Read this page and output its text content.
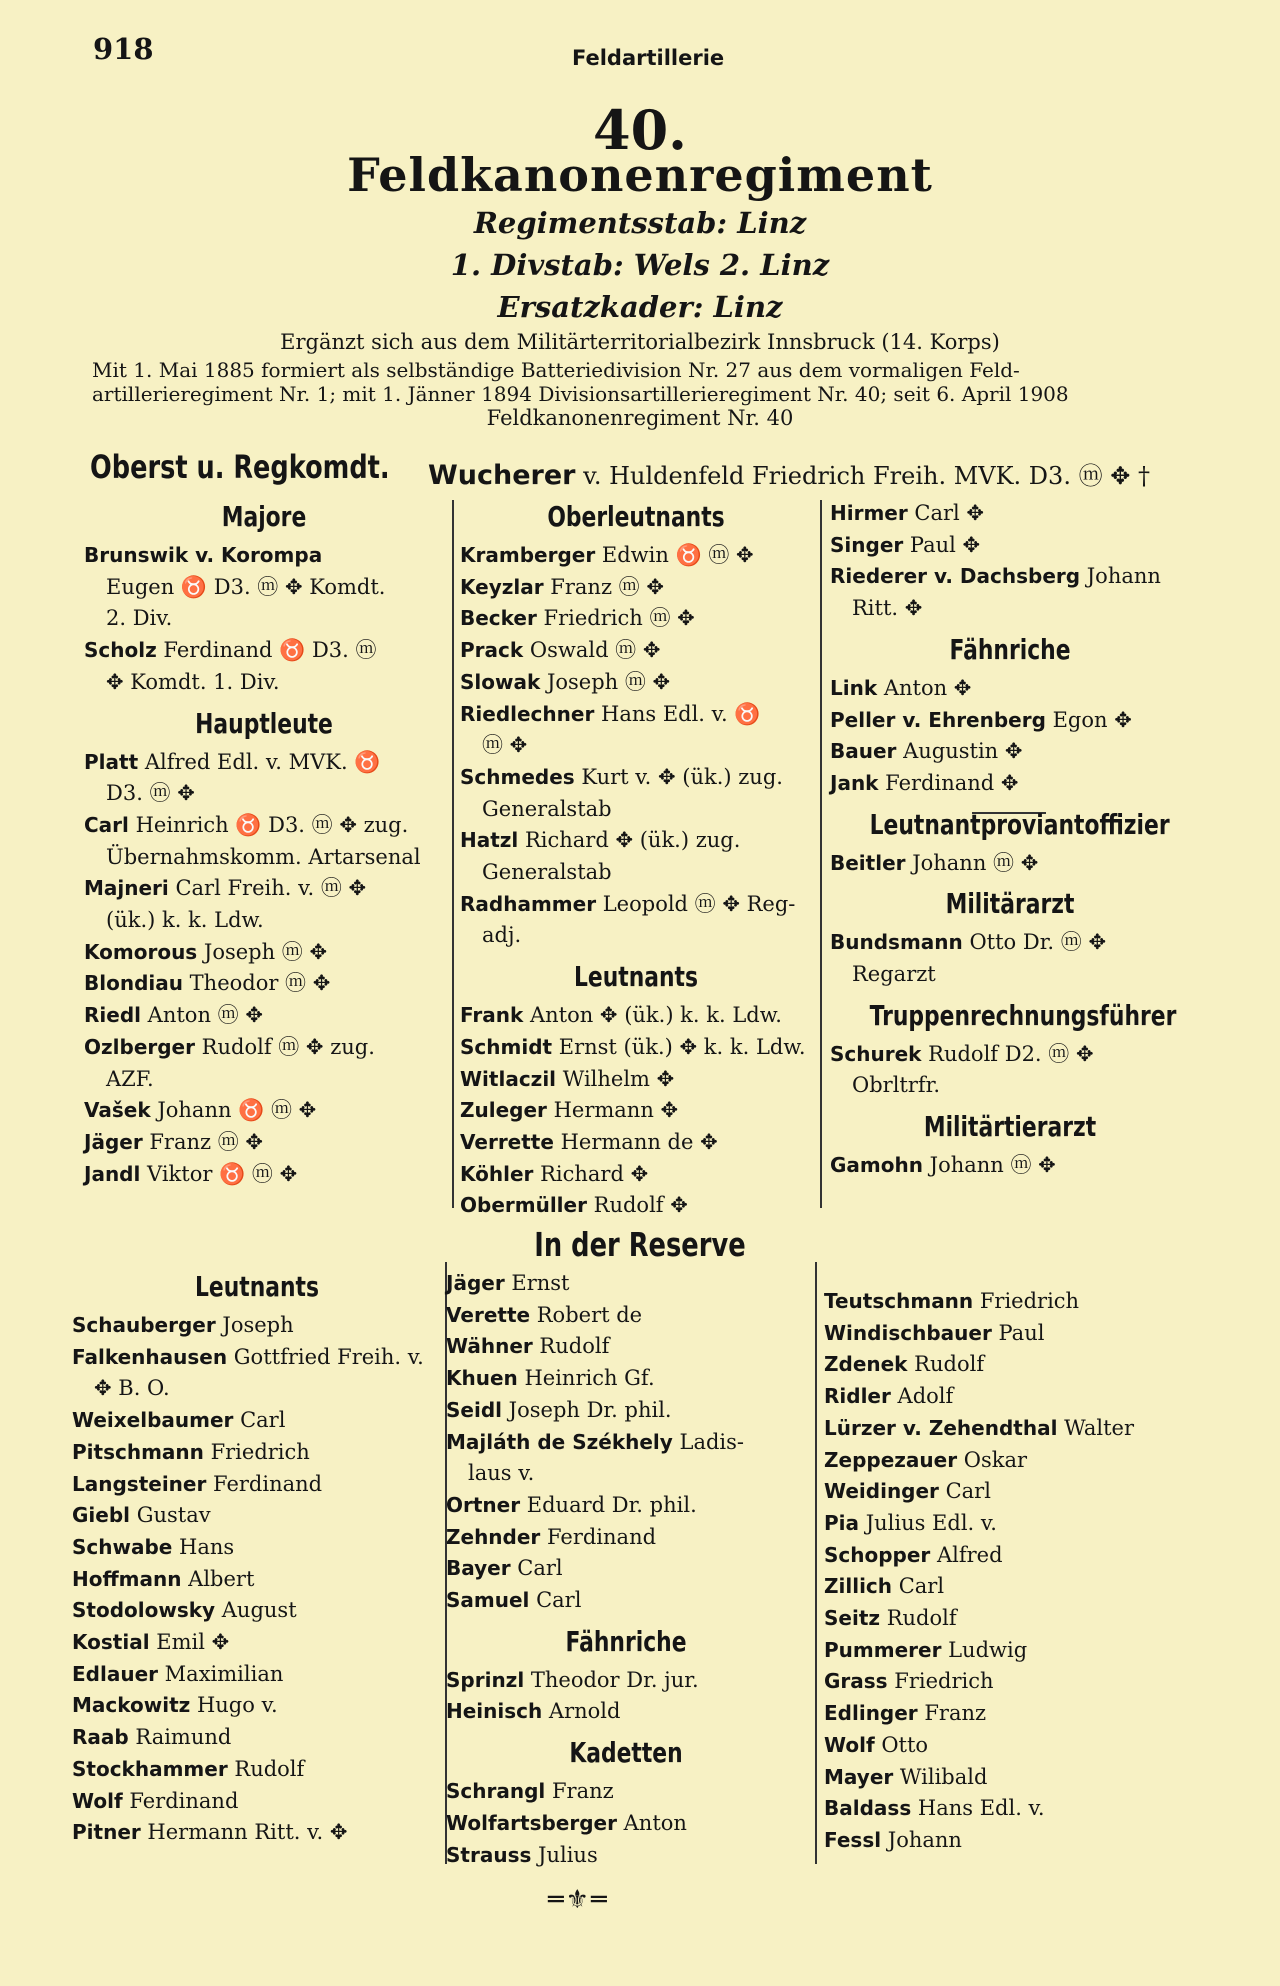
918	Feldartillerie
40.
Feldkanonenregiment
Regimentsstab: Linz
1. Divstab: Wels 2. Linz
Ersatzkader: Linz
Ergänzt sich aus dem Militärterritorialbezirk Innsbruck (14. Korps)
Mit 1. Mai 1885 formiert als selbständige Batteriedivision Nr. 27 aus dem vormaligen Feld-
artillerieregiment Nr. 1; mit 1. Jänner 1894 Divisionsartillerieregiment Nr. 40; seit 6. April 1908
Feldkanonenregiment Nr. 40
Oberst u. Regkomdt. Wucherer v. Huldenfeld Friedrich Freih. MVK. D3. ⓜ ✥ †
Majore
Brunswik v. Korompa
Eugen ♉ D3. ⓜ ✥ Komdt.
2. Div.
Scholz Ferdinand ♉ D3. ⓜ
✥ Komdt. 1. Div.
Hauptleute
Platt Alfred Edl. v. MVK. ♉
D3. ⓜ ✥
Carl Heinrich ♉ D3. ⓜ ✥ zug.
Übernahmskomm. Artarsenal
Majneri Carl Freih. v. ⓜ ✥
(ük.) k. k. Ldw.
Komorous Joseph ⓜ ✥
Blondiau Theodor ⓜ ✥
Riedl Anton ⓜ ✥
Ozlberger Rudolf ⓜ ✥ zug.
AZF.
Vašek Johann ♉ ⓜ ✥
Jäger Franz ⓜ ✥
Jandl Viktor ♉ ⓜ ✥
Oberleutnants
Kramberger Edwin ♉ ⓜ ✥
Keyzlar Franz ⓜ ✥
Becker Friedrich ⓜ ✥
Prack Oswald ⓜ ✥
Slowak Joseph ⓜ ✥
Riedlechner Hans Edl. v. ♉
ⓜ ✥
Schmedes Kurt v. ✥ (ük.) zug.
Generalstab
Hatzl Richard ✥ (ük.) zug.
Generalstab
Radhammer Leopold ⓜ ✥ Reg-
adj.
Leutnants
Frank Anton ✥ (ük.) k. k. Ldw.
Schmidt Ernst (ük.) ✥ k. k. Ldw.
Witlaczil Wilhelm ✥
Zuleger Hermann ✥
Verrette Hermann de ✥
Köhler Richard ✥
Obermüller Rudolf ✥
Hirmer Carl ✥
Singer Paul ✥
Riederer v. Dachsberg Johann
Ritt. ✥
Fähnriche
Link Anton ✥
Peller v. Ehrenberg Egon ✥
Bauer Augustin ✥
Jank Ferdinand ✥
Leutnantproviantoffizier
Beitler Johann ⓜ ✥
Militärarzt
Bundsmann Otto Dr. ⓜ ✥
Regarzt
Truppenrechnungsführer
Schurek Rudolf D2. ⓜ ✥
Obrltrfr.
Militärtierarzt
Gamohn Johann ⓜ ✥
In der Reserve
Leutnants
Schauberger Joseph
Falkenhausen Gottfried Freih. v.
✥ B. O.
Weixelbaumer Carl
Pitschmann Friedrich
Langsteiner Ferdinand
Giebl Gustav
Schwabe Hans
Hoffmann Albert
Stodolowsky August
Kostial Emil ✥
Edlauer Maximilian
Mackowitz Hugo v.
Raab Raimund
Stockhammer Rudolf
Wolf Ferdinand
Pitner Hermann Ritt. v. ✥
Jäger Ernst
Verette Robert de
Wähner Rudolf
Khuen Heinrich Gf.
Seidl Joseph Dr. phil.
Majláth de Székhely Ladis-
laus v.
Ortner Eduard Dr. phil.
Zehnder Ferdinand
Bayer Carl
Samuel Carl
Fähnriche
Sprinzl Theodor Dr. jur.
Heinisch Arnold
Kadetten
Schrangl Franz
Wolfartsberger Anton
Strauss Julius
Teutschmann Friedrich
Windischbauer Paul
Zdenek Rudolf
Ridler Adolf
Lürzer v. Zehendthal Walter
Zeppezauer Oskar
Weidinger Carl
Pia Julius Edl. v.
Schopper Alfred
Zillich Carl
Seitz Rudolf
Pummerer Ludwig
Grass Friedrich
Edlinger Franz
Wolf Otto
Mayer Wilibald
Baldass Hans Edl. v.
Fessl Johann
═⚜═
